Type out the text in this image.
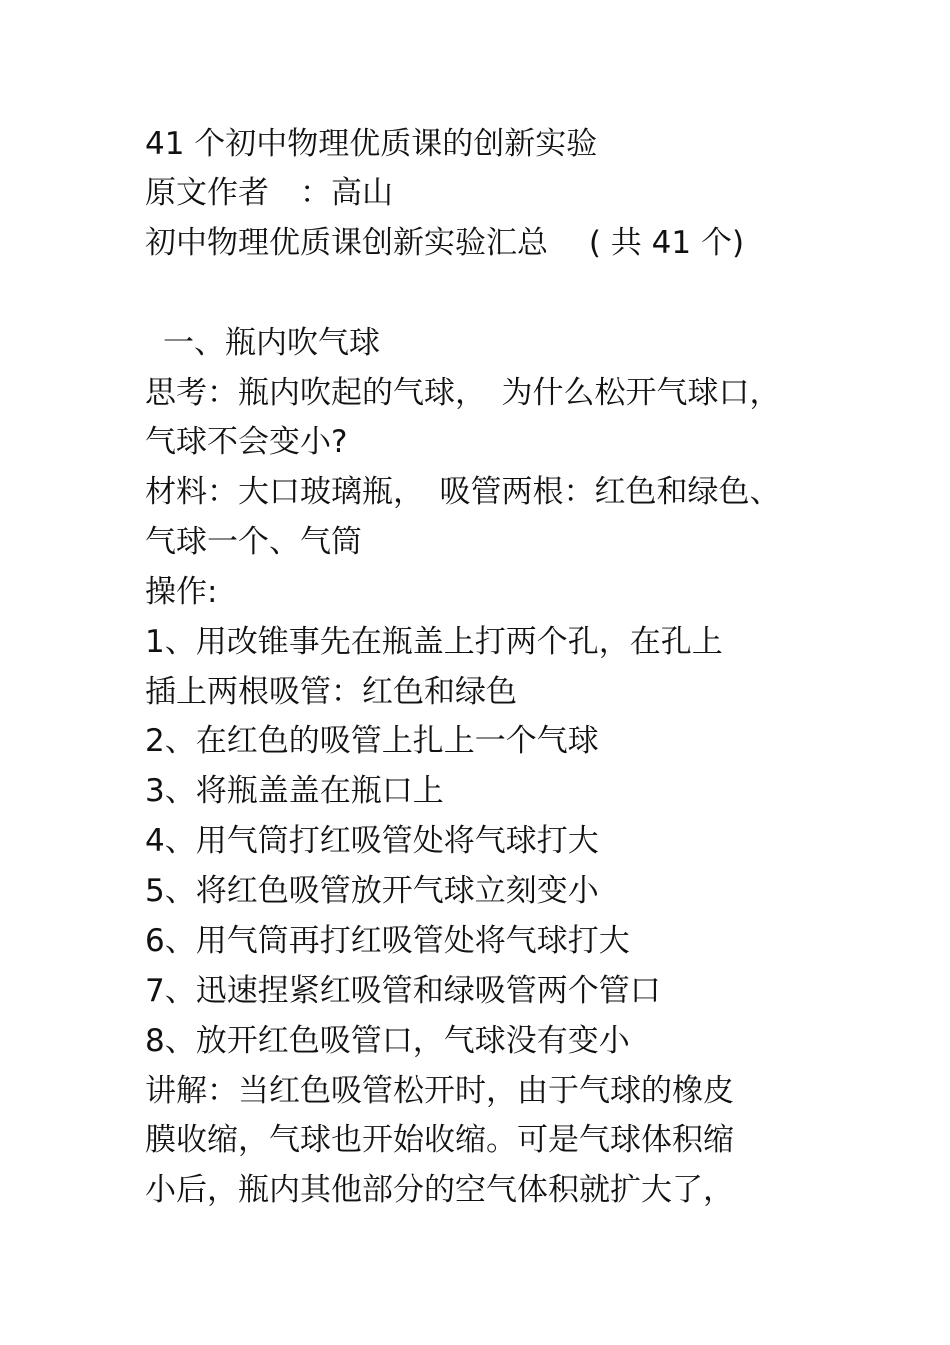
41 个初中物理优质课的创新实验
原文作者　：高山
初中物理优质课创新实验汇总　 ( 共 41 个)
一、瓶内吹气球
思考：瓶内吹起的气球，　为什么松开气球口，
气球不会变小?
材料：大口玻璃瓶，　吸管两根：红色和绿色、
气球一个、气筒
操作:
1、用改锥事先在瓶盖上打两个孔，在孔上
插上两根吸管：红色和绿色
2、在红色的吸管上扎上一个气球
3、将瓶盖盖在瓶口上
4、用气筒打红吸管处将气球打大
5、将红色吸管放开气球立刻变小
6、用气筒再打红吸管处将气球打大
7、迅速捏紧红吸管和绿吸管两个管口
8、放开红色吸管口，气球没有变小
讲解：当红色吸管松开时，由于气球的橡皮
膜收缩，气球也开始收缩。可是气球体积缩
小后，瓶内其他部分的空气体积就扩大了，
